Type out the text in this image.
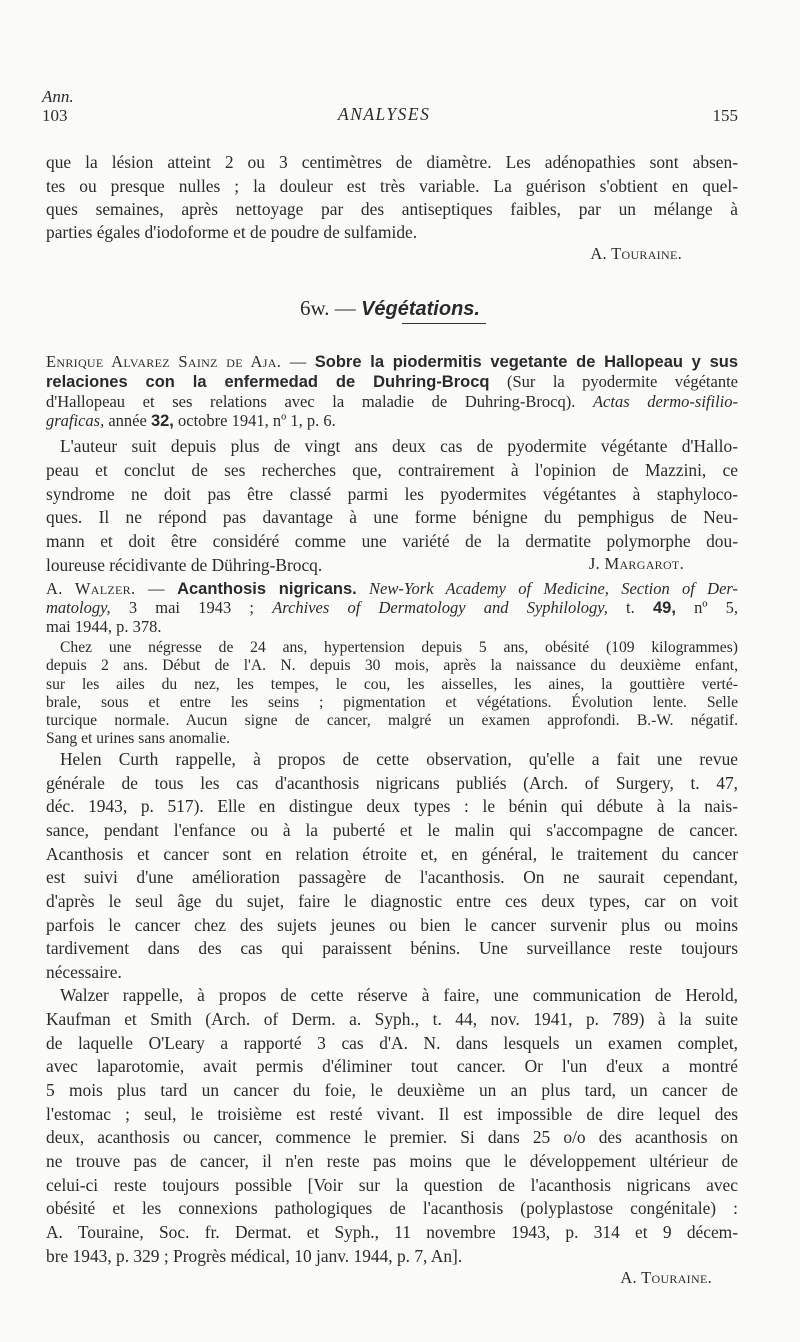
Ann.
103	ANALYSES	155
que la lésion atteint 2 ou 3 centimètres de diamètre. Les adénopathies sont absen-
tes ou presque nulles ; la douleur est très variable. La guérison s'obtient en quel-
ques semaines, après nettoyage par des antiseptiques faibles, par un mélange à
parties égales d'iodoforme et de poudre de sulfamide.
A. Touraine.
6w. — Végétations.
Enrique Alvarez Sainz de Aja. — Sobre la piodermitis vegetante de Hallopeau y sus
relaciones con la enfermedad de Duhring-Brocq (Sur la pyodermite végétante
d'Hallopeau et ses relations avec la maladie de Duhring-Brocq). Actas dermo-sifilio-
graficas, année 32, octobre 1941, nº 1, p. 6.
L'auteur suit depuis plus de vingt ans deux cas de pyodermite végétante d'Hallo-
peau et conclut de ses recherches que, contrairement à l'opinion de Mazzini, ce
syndrome ne doit pas être classé parmi les pyodermites végétantes à staphyloco-
ques. Il ne répond pas davantage à une forme bénigne du pemphigus de Neu-
mann et doit être considéré comme une variété de la dermatite polymorphe dou-
loureuse récidivante de Dühring-Brocq.	J. Margarot.
A. Walzer. — Acanthosis nigricans. New-York Academy of Medicine, Section of Der-
matology, 3 mai 1943 ; Archives of Dermatology and Syphilology, t. 49, nº 5,
mai 1944, p. 378.
Chez une négresse de 24 ans, hypertension depuis 5 ans, obésité (109 kilogrammes)
depuis 2 ans. Début de l'A. N. depuis 30 mois, après la naissance du deuxième enfant,
sur les ailes du nez, les tempes, le cou, les aisselles, les aines, la gouttière verté-
brale, sous et entre les seins ; pigmentation et végétations. Évolution lente. Selle
turcique normale. Aucun signe de cancer, malgré un examen approfondi. B.-W. négatif.
Sang et urines sans anomalie.
Helen Curth rappelle, à propos de cette observation, qu'elle a fait une revue
générale de tous les cas d'acanthosis nigricans publiés (Arch. of Surgery, t. 47,
déc. 1943, p. 517). Elle en distingue deux types : le bénin qui débute à la nais-
sance, pendant l'enfance ou à la puberté et le malin qui s'accompagne de cancer.
Acanthosis et cancer sont en relation étroite et, en général, le traitement du cancer
est suivi d'une amélioration passagère de l'acanthosis. On ne saurait cependant,
d'après le seul âge du sujet, faire le diagnostic entre ces deux types, car on voit
parfois le cancer chez des sujets jeunes ou bien le cancer survenir plus ou moins
tardivement dans des cas qui paraissent bénins. Une surveillance reste toujours
nécessaire.
Walzer rappelle, à propos de cette réserve à faire, une communication de Herold,
Kaufman et Smith (Arch. of Derm. a. Syph., t. 44, nov. 1941, p. 789) à la suite
de laquelle O'Leary a rapporté 3 cas d'A. N. dans lesquels un examen complet,
avec laparotomie, avait permis d'éliminer tout cancer. Or l'un d'eux a montré
5 mois plus tard un cancer du foie, le deuxième un an plus tard, un cancer de
l'estomac ; seul, le troisième est resté vivant. Il est impossible de dire lequel des
deux, acanthosis ou cancer, commence le premier. Si dans 25 o/o des acanthosis on
ne trouve pas de cancer, il n'en reste pas moins que le développement ultérieur de
celui-ci reste toujours possible [Voir sur la question de l'acanthosis nigricans avec
obésité et les connexions pathologiques de l'acanthosis (polyplastose congénitale) :
A. Touraine, Soc. fr. Dermat. et Syph., 11 novembre 1943, p. 314 et 9 décem-
bre 1943, p. 329 ; Progrès médical, 10 janv. 1944, p. 7, An].
A. Touraine.
